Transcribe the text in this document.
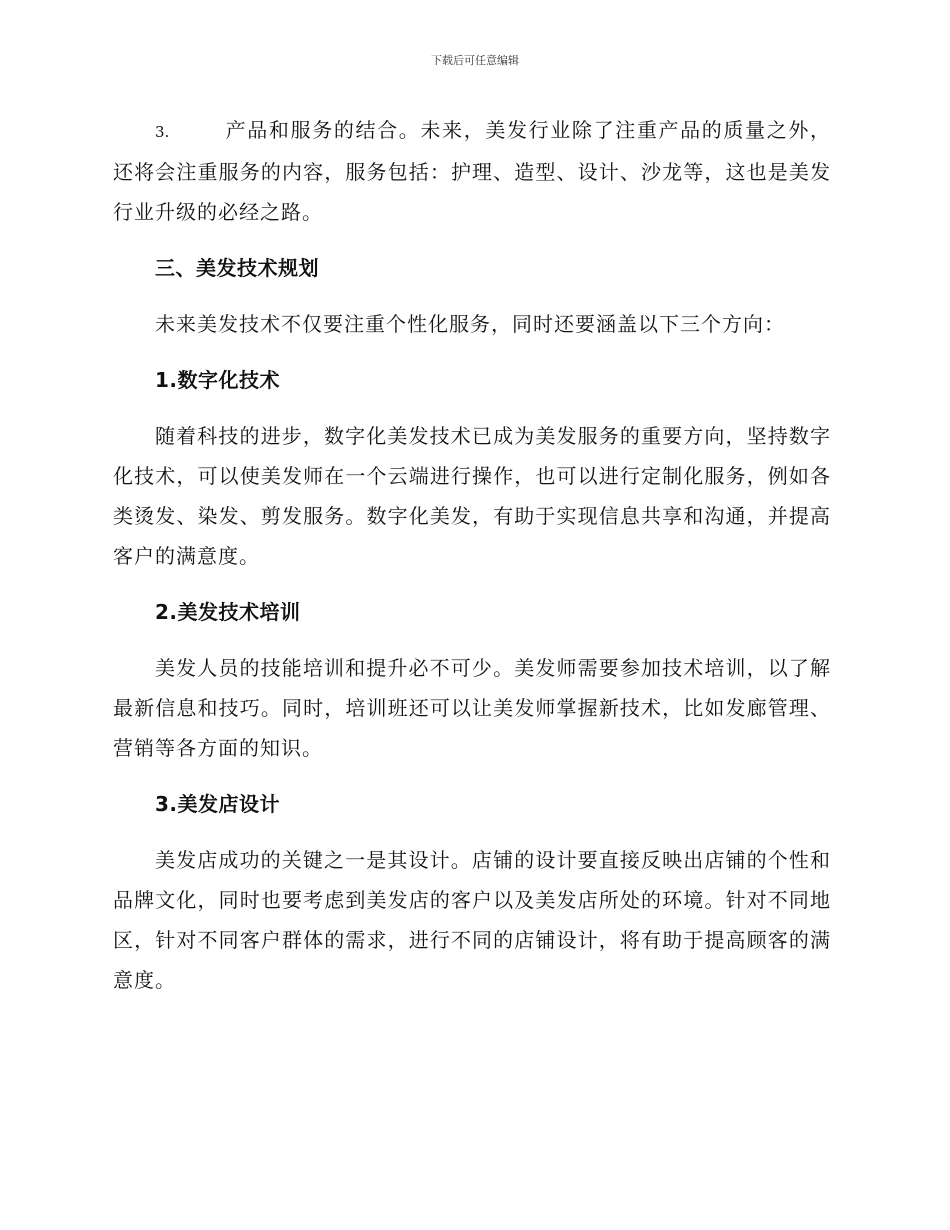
下载后可任意编辑

3.	产品和服务的结合。未来，美发行业除了注重产品的质量之外，还将会注重服务的内容，服务包括：护理、造型、设计、沙龙等，这也是美发行业升级的必经之路。

三、美发技术规划

未来美发技术不仅要注重个性化服务，同时还要涵盖以下三个方向：

1.数字化技术

随着科技的进步，数字化美发技术已成为美发服务的重要方向，坚持数字化技术，可以使美发师在一个云端进行操作，也可以进行定制化服务，例如各类烫发、染发、剪发服务。数字化美发，有助于实现信息共享和沟通，并提高客户的满意度。

2.美发技术培训

美发人员的技能培训和提升必不可少。美发师需要参加技术培训，以了解最新信息和技巧。同时，培训班还可以让美发师掌握新技术，比如发廊管理、营销等各方面的知识。

3.美发店设计

美发店成功的关键之一是其设计。店铺的设计要直接反映出店铺的个性和品牌文化，同时也要考虑到美发店的客户以及美发店所处的环境。针对不同地区，针对不同客户群体的需求，进行不同的店铺设计，将有助于提高顾客的满意度。
